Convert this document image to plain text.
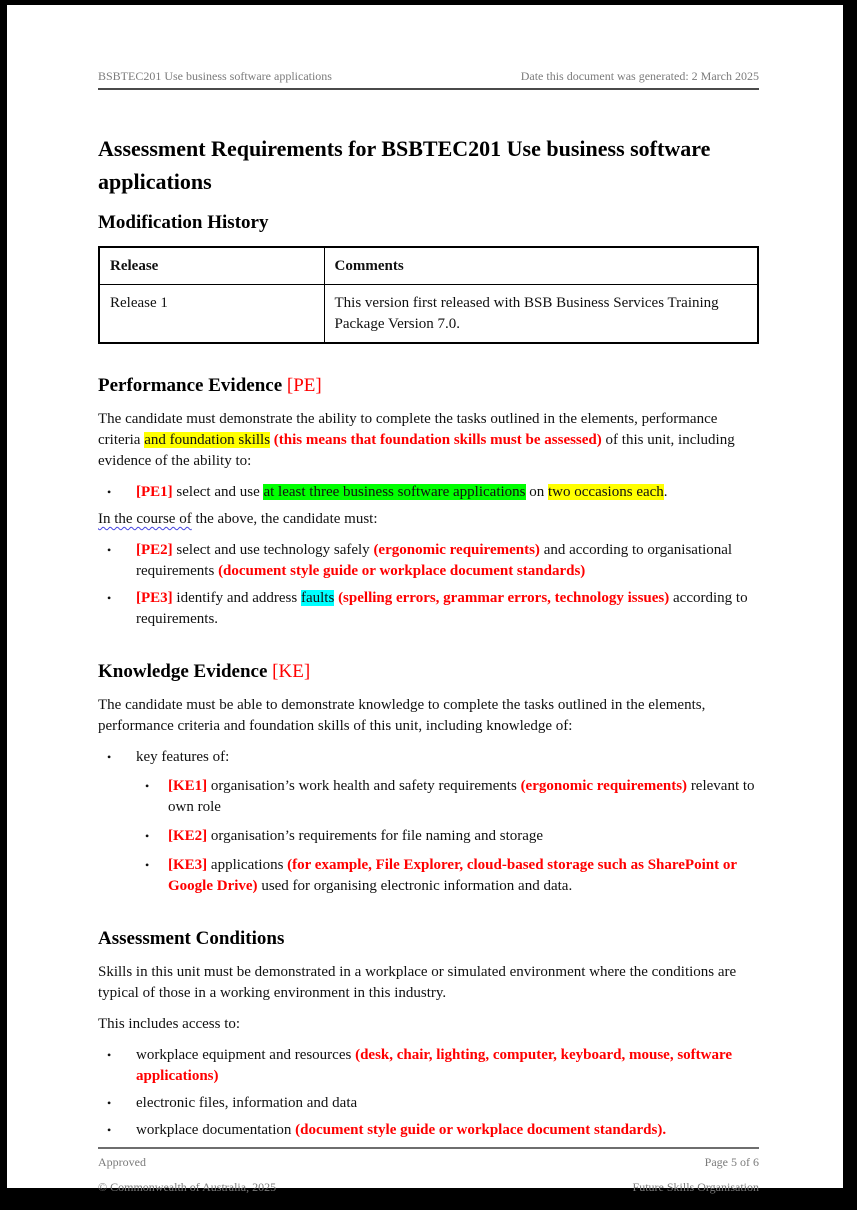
BSBTEC201 Use business software applications	Date this document was generated: 2 March 2025
Assessment Requirements for BSBTEC201 Use business software applications
Modification History
Release	Comments
Release 1	This version first released with BSB Business Services Training Package Version 7.0.
Performance Evidence [PE]

The candidate must demonstrate the ability to complete the tasks outlined in the elements, performance criteria and foundation skills (this means that foundation skills must be assessed) of this unit, including evidence of the ability to:

•	[PE1] select and use at least three business software applications on two occasions each.

In the course of the above, the candidate must:

•	[PE2] select and use technology safely (ergonomic requirements) and according to organisational requirements (document style guide or workplace document standards)
•	[PE3] identify and address faults (spelling errors, grammar errors, technology issues) according to requirements.
Knowledge Evidence [KE]

The candidate must be able to demonstrate knowledge to complete the tasks outlined in the elements, performance criteria and foundation skills of this unit, including knowledge of:

•	key features of:
•	[KE1] organisation’s work health and safety requirements (ergonomic requirements) relevant to own role
•	[KE2] organisation’s requirements for file naming and storage
•	[KE3] applications (for example, File Explorer, cloud-based storage such as SharePoint or Google Drive) used for organising electronic information and data.
Assessment Conditions

Skills in this unit must be demonstrated in a workplace or simulated environment where the conditions are typical of those in a working environment in this industry.

This includes access to:

•	workplace equipment and resources (desk, chair, lighting, computer, keyboard, mouse, software applications)
•	electronic files, information and data
•	workplace documentation (document style guide or workplace document standards).
Approved	Page 5 of 6
© Commonwealth of Australia, 2025	Future Skills Organisation
